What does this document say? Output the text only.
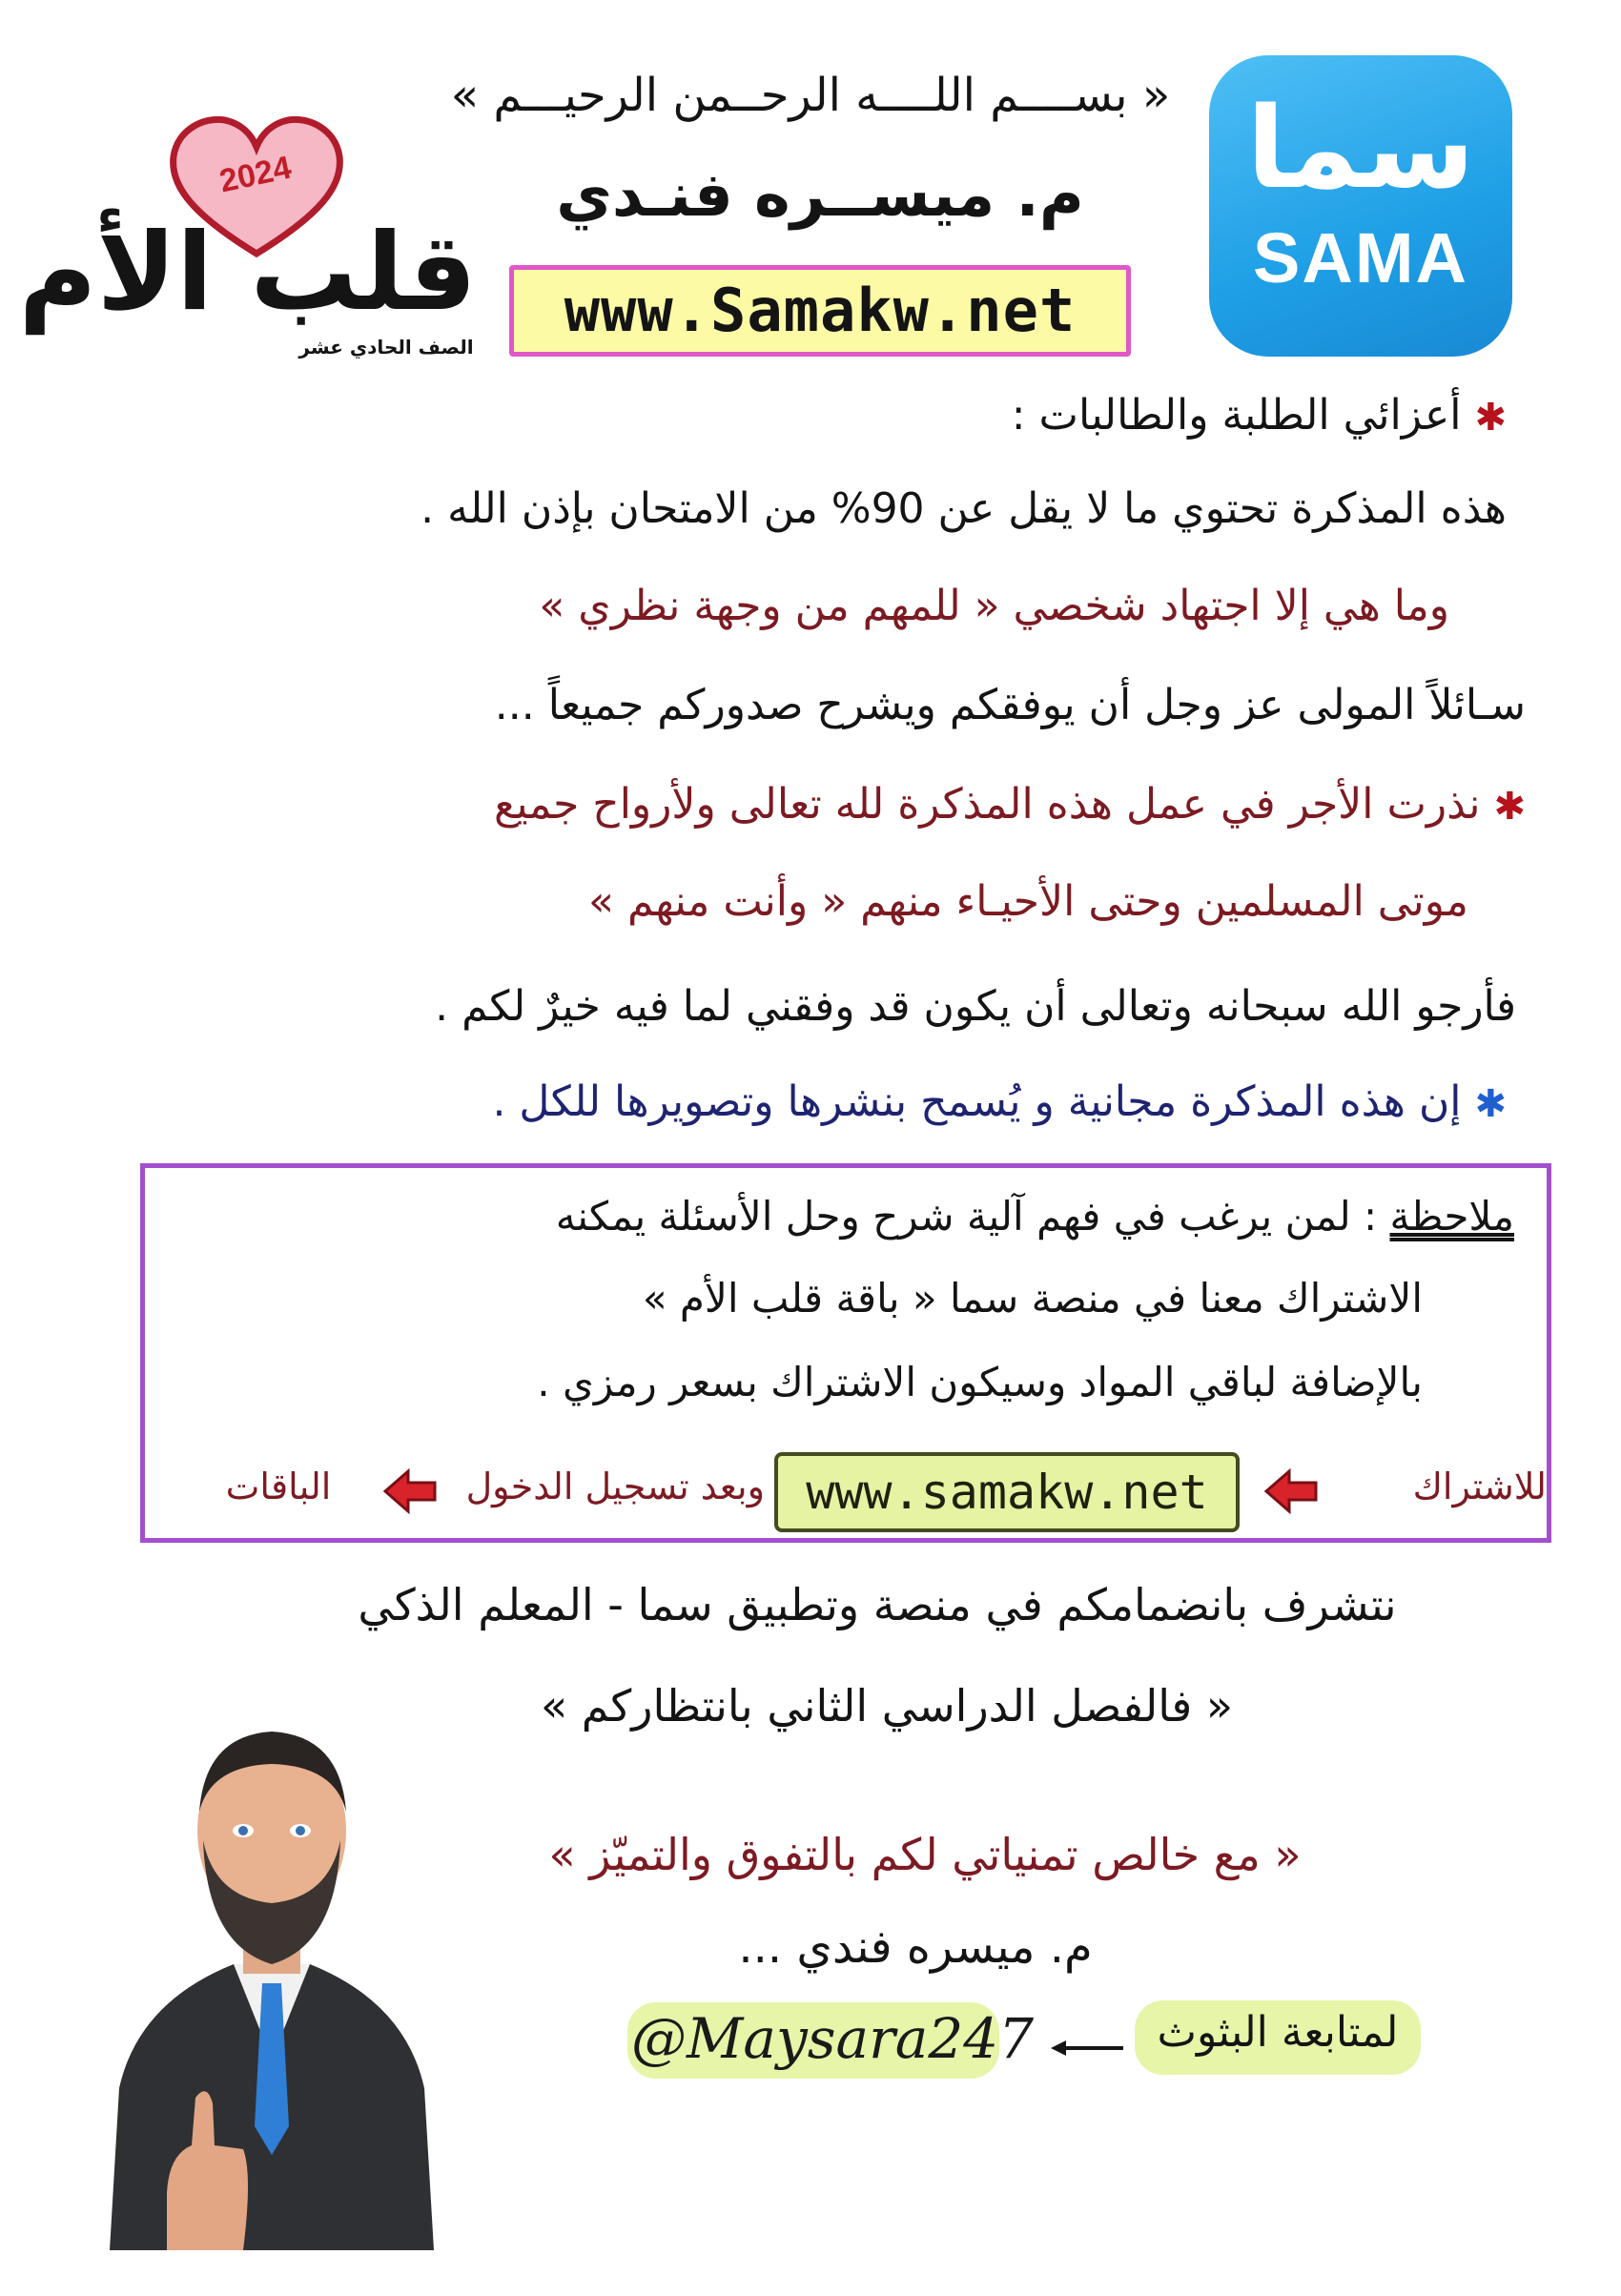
« بســــم اللــــه الرحــمن الرحيـــم » سما
SAMA
م. ميســره فنـدي
www.Samakw.net
2024
قلب الأم
الصف الحادي عشر
✱ أعزائي الطلبة والطالبات :
هذه المذكرة تحتوي ما لا يقل عن 90% من الامتحان بإذن الله .
وما هي إلا اجتهاد شخصي « للمهم من وجهة نظري »
سـائلاً المولى عز وجل أن يوفقكم ويشرح صدوركم جميعاً ...
✱ نذرت الأجر في عمل هذه المذكرة لله تعالى ولأرواح جميع
موتى المسلمين وحتى الأحيـاء منهم « وأنت منهم »
فأرجو الله سبحانه وتعالى أن يكون قد وفقني لما فيه خيرٌ لكم .
✱ إن هذه المذكرة مجانية و يُسمح بنشرها وتصويرها للكل .
ملاحظة : لمن يرغب في فهم آلية شرح وحل الأسئلة يمكنه
الاشتراك معنا في منصة سما « باقة قلب الأم »
بالإضافة لباقي المواد وسيكون الاشتراك بسعر رمزي .
للاشتراك
www.samakw.net
وبعد تسجيل الدخول
الباقات
نتشرف بانضمامكم في منصة وتطبيق سما - المعلم الذكي
« فالفصل الدراسي الثاني بانتظاركم »
« مع خالص تمنياتي لكم بالتفوق والتميّز »
م. ميسره فندي ...
لمتابعة البثوث
@Maysara247
